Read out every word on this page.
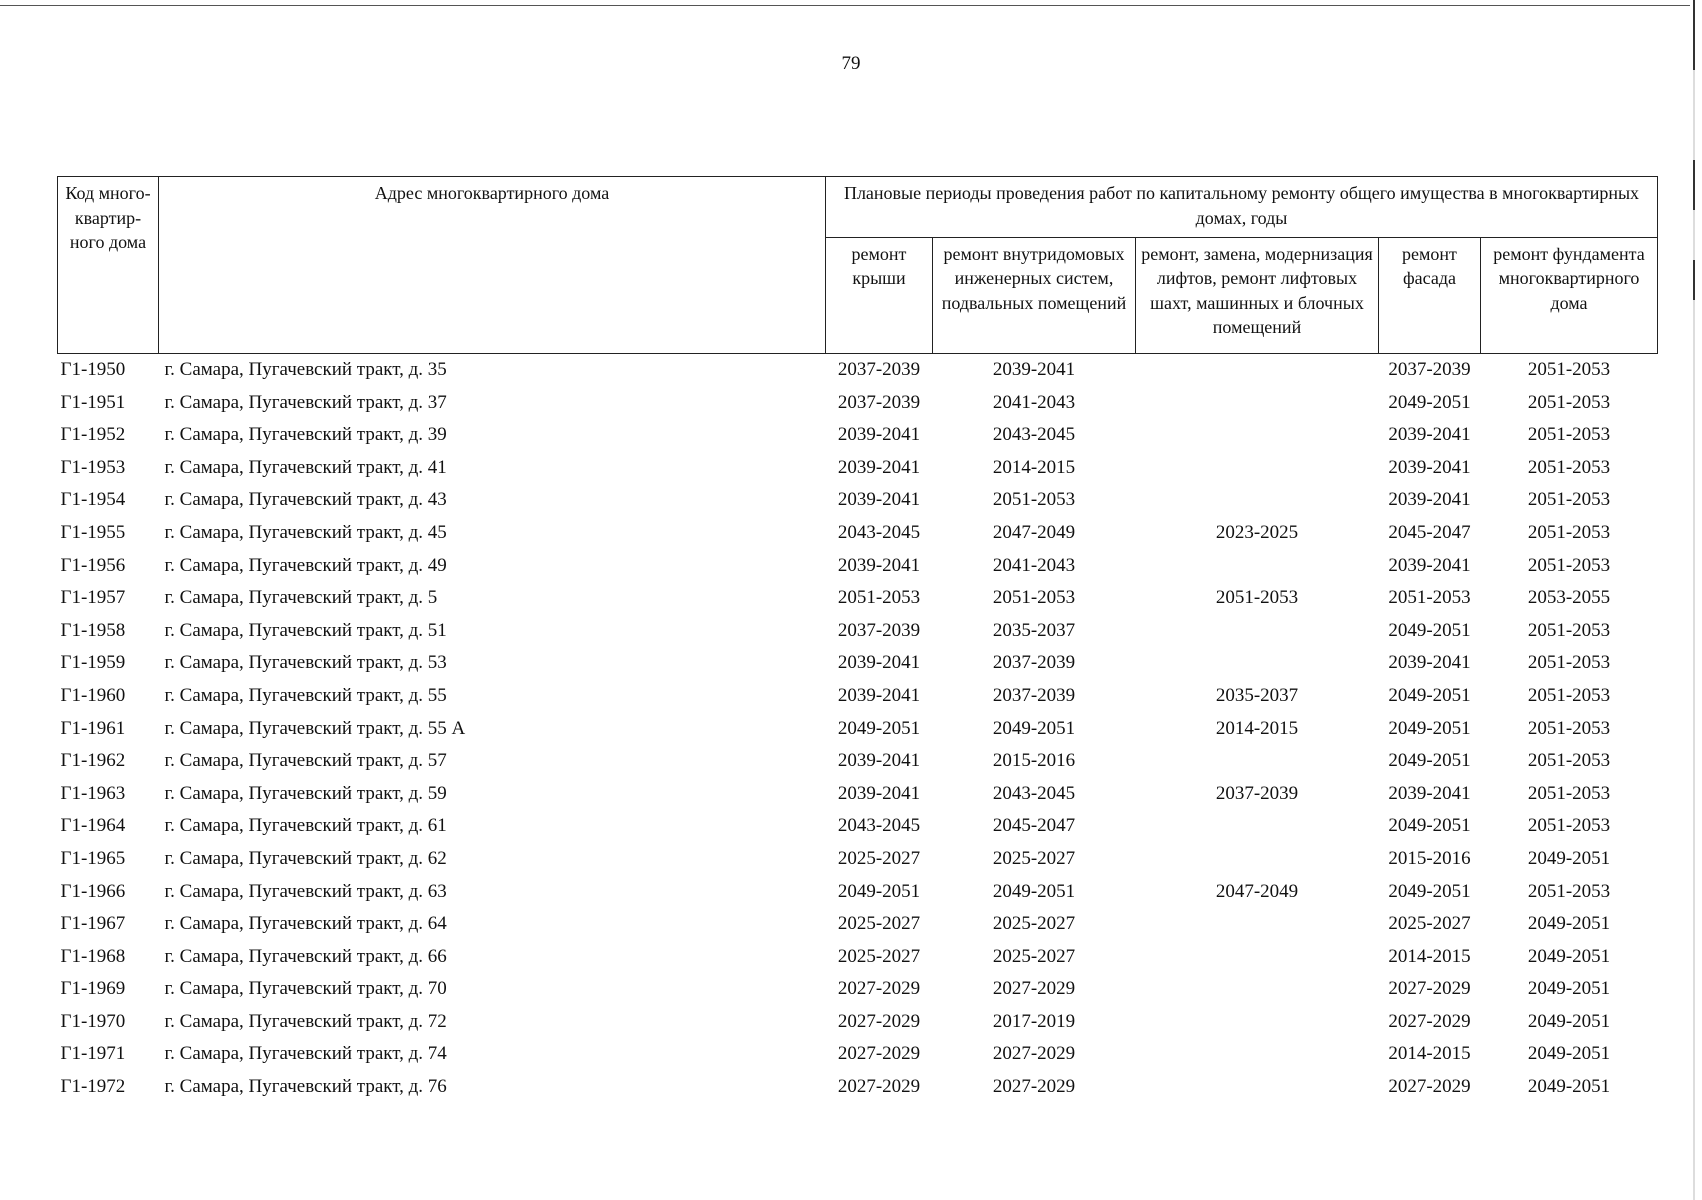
79
Код много-квартир-ного дома	Адрес многоквартирного дома	Плановые периоды проведения работ по капитальному ремонту общего имущества в многоквартирных домах, годы				
		ремонт крыши	ремонт внутридомовых инженерных систем, подвальных помещений	ремонт, замена, модернизация лифтов, ремонт лифтовых шахт, машинных и блочных помещений	ремонт фасада	ремонт фундамента многоквартирного дома
Г1-1950	г. Самара, Пугачевский тракт, д. 35	2037-2039	2039-2041		2037-2039	2051-2053
Г1-1951	г. Самара, Пугачевский тракт, д. 37	2037-2039	2041-2043		2049-2051	2051-2053
Г1-1952	г. Самара, Пугачевский тракт, д. 39	2039-2041	2043-2045		2039-2041	2051-2053
Г1-1953	г. Самара, Пугачевский тракт, д. 41	2039-2041	2014-2015		2039-2041	2051-2053
Г1-1954	г. Самара, Пугачевский тракт, д. 43	2039-2041	2051-2053		2039-2041	2051-2053
Г1-1955	г. Самара, Пугачевский тракт, д. 45	2043-2045	2047-2049	2023-2025	2045-2047	2051-2053
Г1-1956	г. Самара, Пугачевский тракт, д. 49	2039-2041	2041-2043		2039-2041	2051-2053
Г1-1957	г. Самара, Пугачевский тракт, д. 5	2051-2053	2051-2053	2051-2053	2051-2053	2053-2055
Г1-1958	г. Самара, Пугачевский тракт, д. 51	2037-2039	2035-2037		2049-2051	2051-2053
Г1-1959	г. Самара, Пугачевский тракт, д. 53	2039-2041	2037-2039		2039-2041	2051-2053
Г1-1960	г. Самара, Пугачевский тракт, д. 55	2039-2041	2037-2039	2035-2037	2049-2051	2051-2053
Г1-1961	г. Самара, Пугачевский тракт, д. 55 А	2049-2051	2049-2051	2014-2015	2049-2051	2051-2053
Г1-1962	г. Самара, Пугачевский тракт, д. 57	2039-2041	2015-2016		2049-2051	2051-2053
Г1-1963	г. Самара, Пугачевский тракт, д. 59	2039-2041	2043-2045	2037-2039	2039-2041	2051-2053
Г1-1964	г. Самара, Пугачевский тракт, д. 61	2043-2045	2045-2047		2049-2051	2051-2053
Г1-1965	г. Самара, Пугачевский тракт, д. 62	2025-2027	2025-2027		2015-2016	2049-2051
Г1-1966	г. Самара, Пугачевский тракт, д. 63	2049-2051	2049-2051	2047-2049	2049-2051	2051-2053
Г1-1967	г. Самара, Пугачевский тракт, д. 64	2025-2027	2025-2027		2025-2027	2049-2051
Г1-1968	г. Самара, Пугачевский тракт, д. 66	2025-2027	2025-2027		2014-2015	2049-2051
Г1-1969	г. Самара, Пугачевский тракт, д. 70	2027-2029	2027-2029		2027-2029	2049-2051
Г1-1970	г. Самара, Пугачевский тракт, д. 72	2027-2029	2017-2019		2027-2029	2049-2051
Г1-1971	г. Самара, Пугачевский тракт, д. 74	2027-2029	2027-2029		2014-2015	2049-2051
Г1-1972	г. Самара, Пугачевский тракт, д. 76	2027-2029	2027-2029		2027-2029	2049-2051
